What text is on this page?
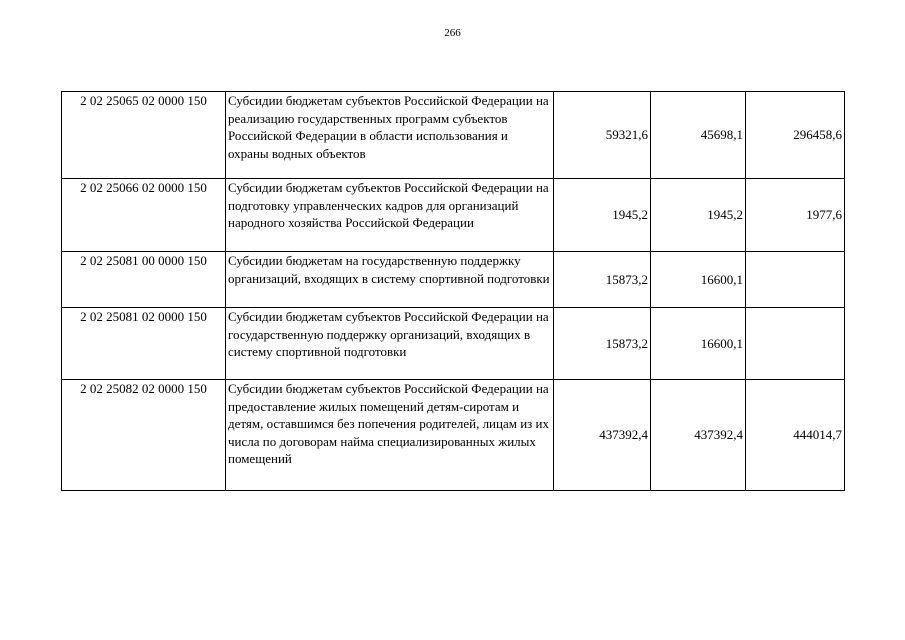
266
2 02 25065 02 0000 150	Субсидии бюджетам субъектов Российской Федерации на реализацию государственных программ субъектов Российской Федерации в области использования и охраны водных объектов	59321,6	45698,1	296458,6
2 02 25066 02 0000 150	Субсидии бюджетам субъектов Российской Федерации на подготовку управленческих кадров для организаций народного хозяйства Российской Федерации	1945,2	1945,2	1977,6
2 02 25081 00 0000 150	Субсидии бюджетам на государственную поддержку организаций, входящих в систему спортивной подготовки	15873,2	16600,1	
2 02 25081 02 0000 150	Субсидии бюджетам субъектов Российской Федерации на государственную поддержку организаций, входящих в систему спортивной подготовки	15873,2	16600,1	
2 02 25082 02 0000 150	Субсидии бюджетам субъектов Российской Федерации на предоставление жилых помещений детям-сиротам и детям, оставшимся без попечения родителей, лицам из их числа по договорам найма специализированных жилых помещений	437392,4	437392,4	444014,7
